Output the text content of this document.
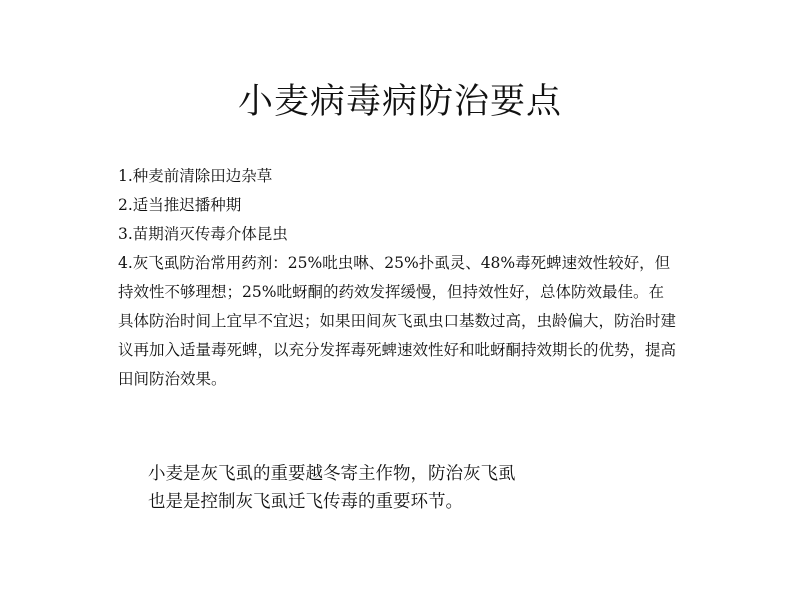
小麦病毒病防治要点
1.种麦前清除田边杂草
2.适当推迟播种期
3.苗期消灭传毒介体昆虫
4.灰飞虱防治常用药剂：25%吡虫啉、25%扑虱灵、48%毒死蜱速效性较好，但持效性不够理想；25%吡蚜酮的药效发挥缓慢，但持效性好，总体防效最佳。在具体防治时间上宜早不宜迟；如果田间灰飞虱虫口基数过高，虫龄偏大，防治时建议再加入适量毒死蜱，以充分发挥毒死蜱速效性好和吡蚜酮持效期长的优势，提高田间防治效果。

小麦是灰飞虱的重要越冬寄主作物，防治灰飞虱
也是是控制灰飞虱迁飞传毒的重要环节。
